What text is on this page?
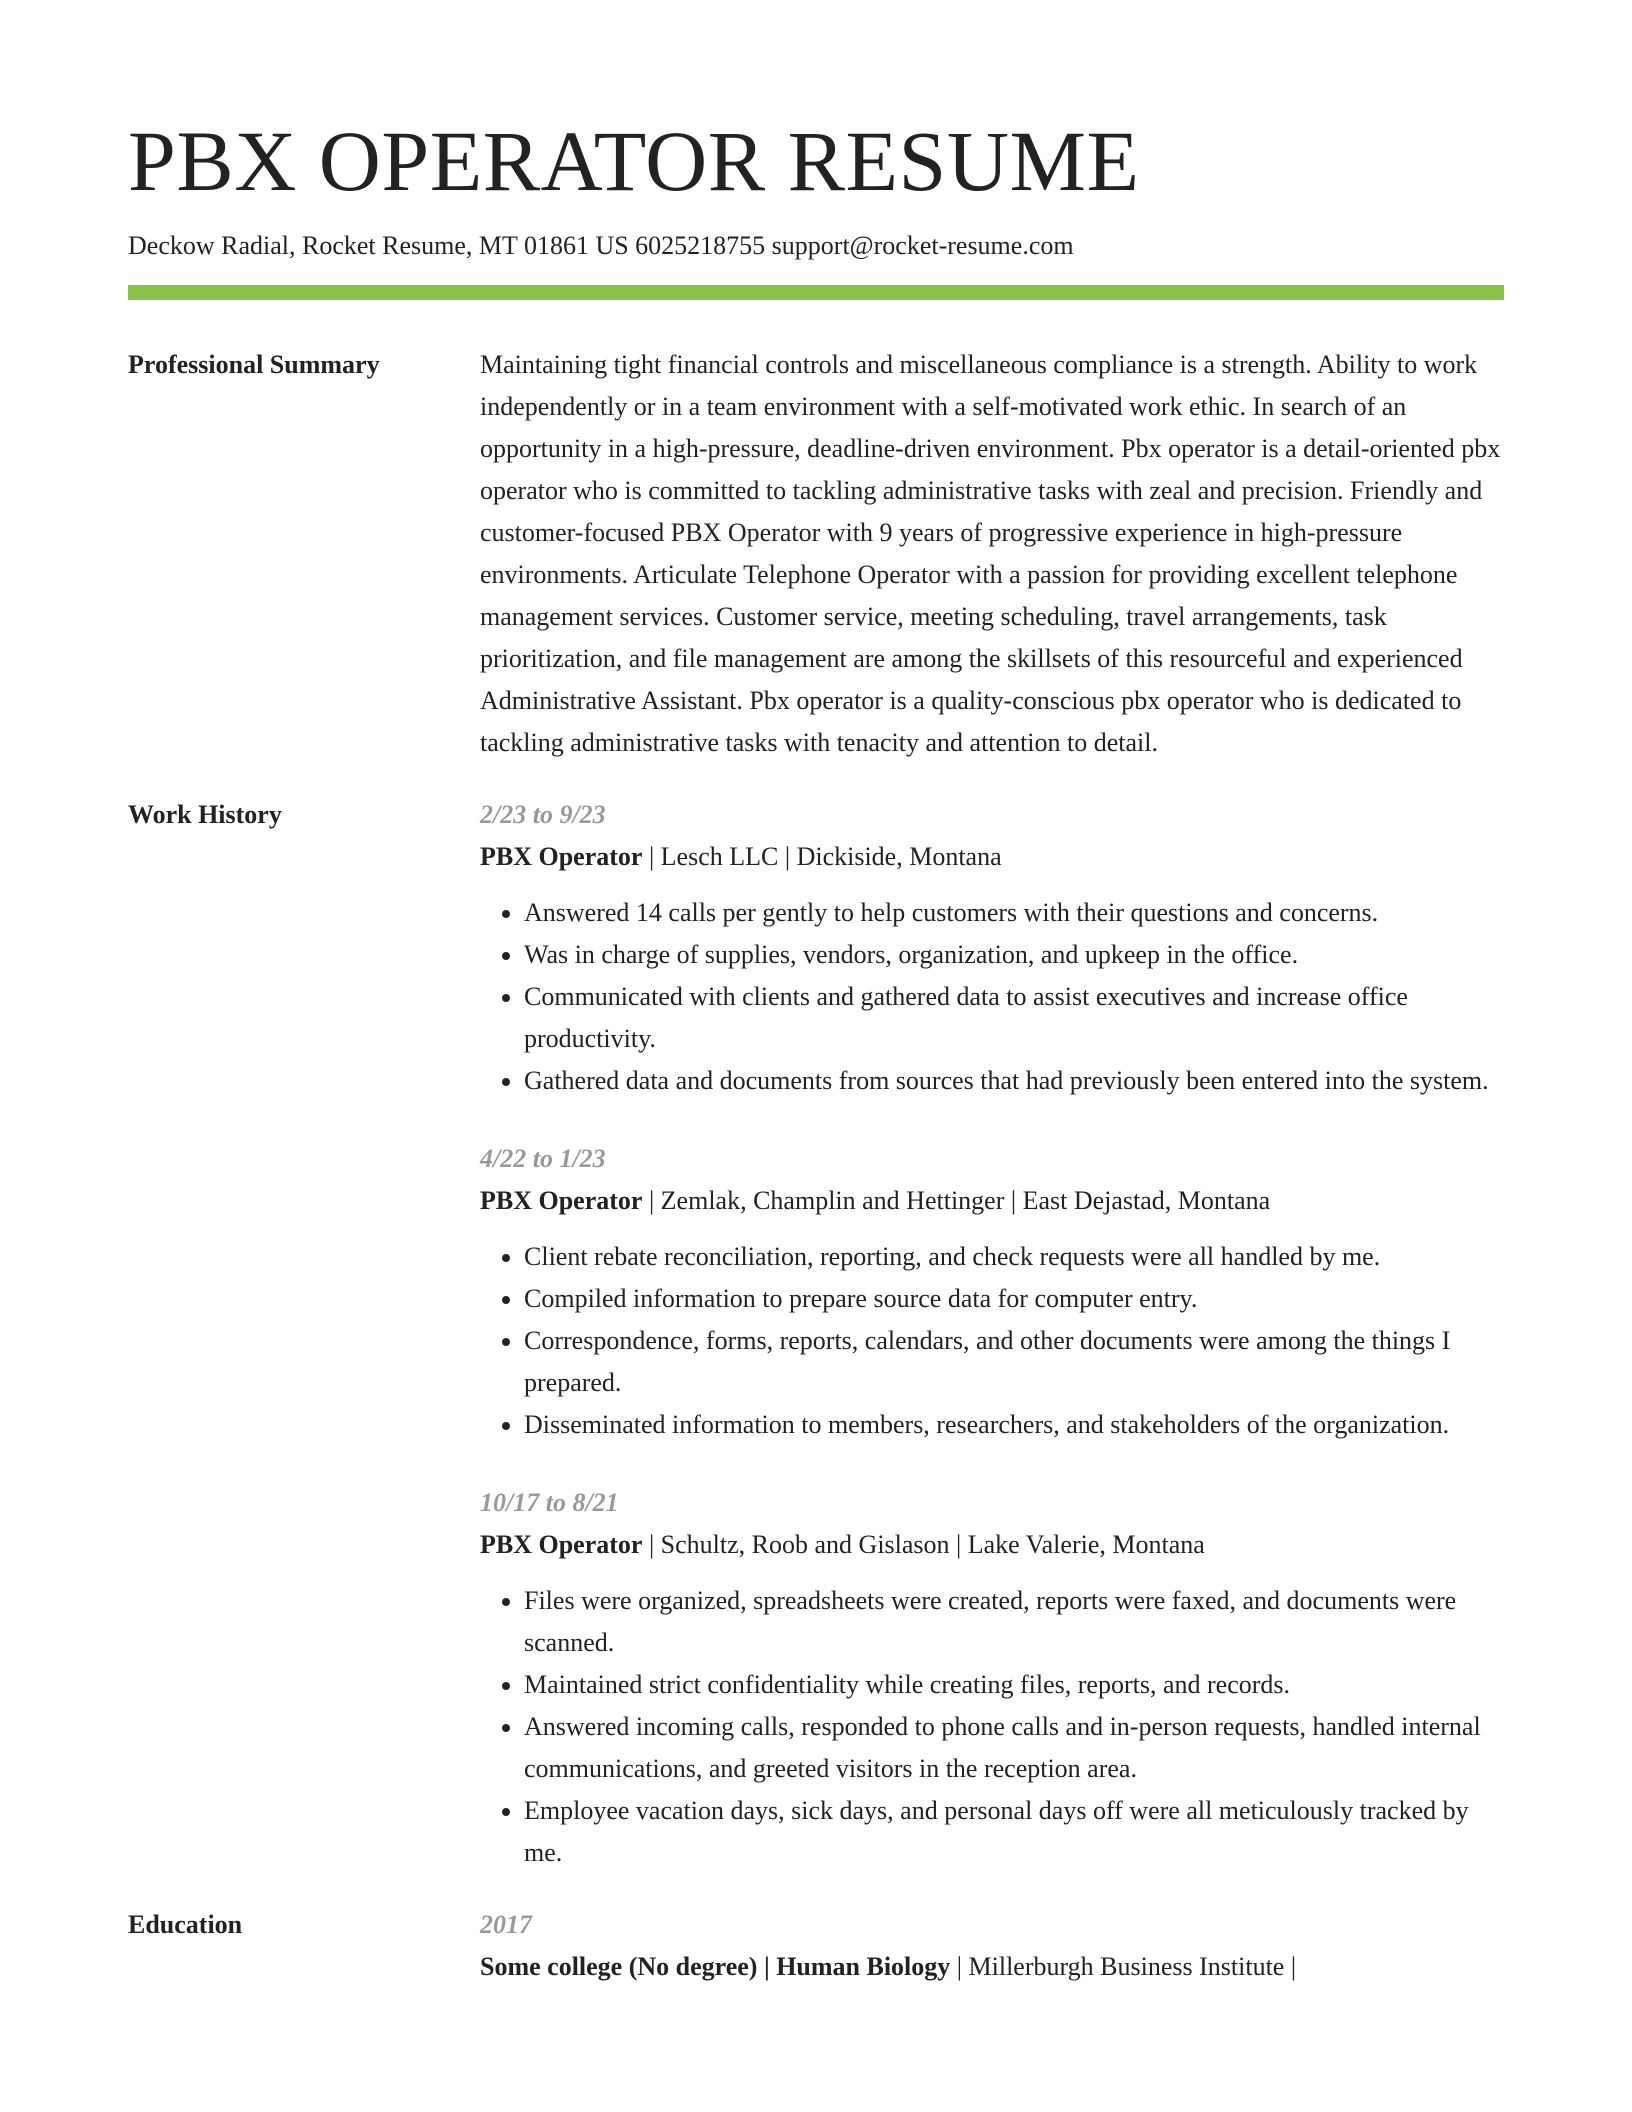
PBX OPERATOR RESUME
Deckow Radial, Rocket Resume, MT 01861 US 6025218755 support@rocket-resume.com
Professional Summary	Maintaining tight financial controls and miscellaneous compliance is a strength. Ability to work independently or in a team environment with a self-motivated work ethic. In search of an opportunity in a high-pressure, deadline-driven environment. Pbx operator is a detail-oriented pbx operator who is committed to tackling administrative tasks with zeal and precision. Friendly and customer-focused PBX Operator with 9 years of progressive experience in high-pressure environments. Articulate Telephone Operator with a passion for providing excellent telephone management services. Customer service, meeting scheduling, travel arrangements, task prioritization, and file management are among the skillsets of this resourceful and experienced Administrative Assistant. Pbx operator is a quality-conscious pbx operator who is dedicated to tackling administrative tasks with tenacity and attention to detail.

Work History	2/23 to 9/23
PBX Operator | Lesch LLC | Dickiside, Montana
• Answered 14 calls per gently to help customers with their questions and concerns.
• Was in charge of supplies, vendors, organization, and upkeep in the office.
• Communicated with clients and gathered data to assist executives and increase office productivity.
• Gathered data and documents from sources that had previously been entered into the system.
4/22 to 1/23
PBX Operator | Zemlak, Champlin and Hettinger | East Dejastad, Montana
• Client rebate reconciliation, reporting, and check requests were all handled by me.
• Compiled information to prepare source data for computer entry.
• Correspondence, forms, reports, calendars, and other documents were among the things I prepared.
• Disseminated information to members, researchers, and stakeholders of the organization.
10/17 to 8/21
PBX Operator | Schultz, Roob and Gislason | Lake Valerie, Montana
• Files were organized, spreadsheets were created, reports were faxed, and documents were scanned.
• Maintained strict confidentiality while creating files, reports, and records.
• Answered incoming calls, responded to phone calls and in-person requests, handled internal communications, and greeted visitors in the reception area.
• Employee vacation days, sick days, and personal days off were all meticulously tracked by me.
Education	2017
Some college (No degree) | Human Biology | Millerburgh Business Institute |
